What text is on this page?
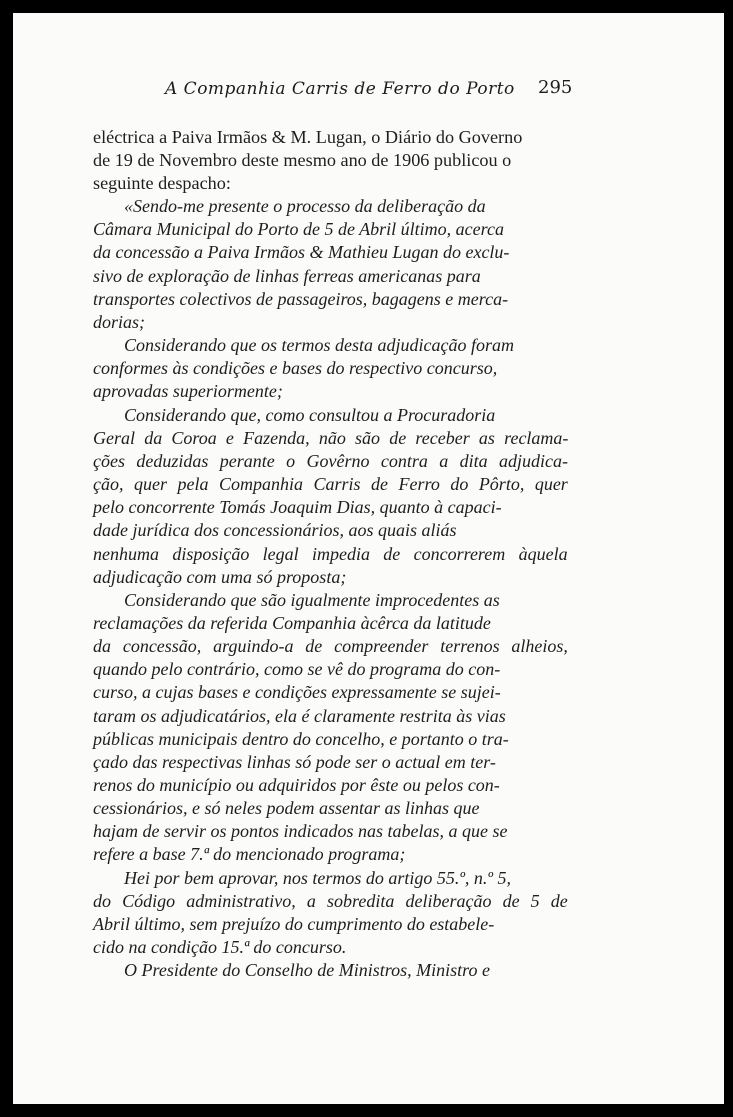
A Companhia Carris de Ferro do Porto 295
eléctrica a Paiva Irmãos & M. Lugan, o Diário do Governo
de 19 de Novembro deste mesmo ano de 1906 publicou o
seguinte despacho:
«Sendo-me presente o processo da deliberação da
Câmara Municipal do Porto de 5 de Abril último, acerca
da concessão a Paiva Irmãos & Mathieu Lugan do exclu-
sivo de exploração de linhas ferreas americanas para
transportes colectivos de passageiros, bagagens e merca-
dorias;
Considerando que os termos desta adjudicação foram
conformes às condições e bases do respectivo concurso,
aprovadas superiormente;
Considerando que, como consultou a Procuradoria
Geral da Coroa e Fazenda, não são de receber as reclama-
ções deduzidas perante o Govêrno contra a dita adjudica-
ção, quer pela Companhia Carris de Ferro do Pôrto, quer
pelo concorrente Tomás Joaquim Dias, quanto à capaci-
dade jurídica dos concessionários, aos quais aliás
nenhuma disposição legal impedia de concorrerem àquela
adjudicação com uma só proposta;
Considerando que são igualmente improcedentes as
reclamações da referida Companhia àcêrca da latitude
da concessão, arguindo-a de compreender terrenos alheios,
quando pelo contrário, como se vê do programa do con-
curso, a cujas bases e condições expressamente se sujei-
taram os adjudicatários, ela é claramente restrita às vias
públicas municipais dentro do concelho, e portanto o tra-
çado das respectivas linhas só pode ser o actual em ter-
renos do município ou adquiridos por êste ou pelos con-
cessionários, e só neles podem assentar as linhas que
hajam de servir os pontos indicados nas tabelas, a que se
refere a base 7.ª do mencionado programa;
Hei por bem aprovar, nos termos do artigo 55.º, n.º 5,
do Código administrativo, a sobredita deliberação de 5 de
Abril último, sem prejuízo do cumprimento do estabele-
cido na condição 15.ª do concurso.
O Presidente do Conselho de Ministros, Ministro e
